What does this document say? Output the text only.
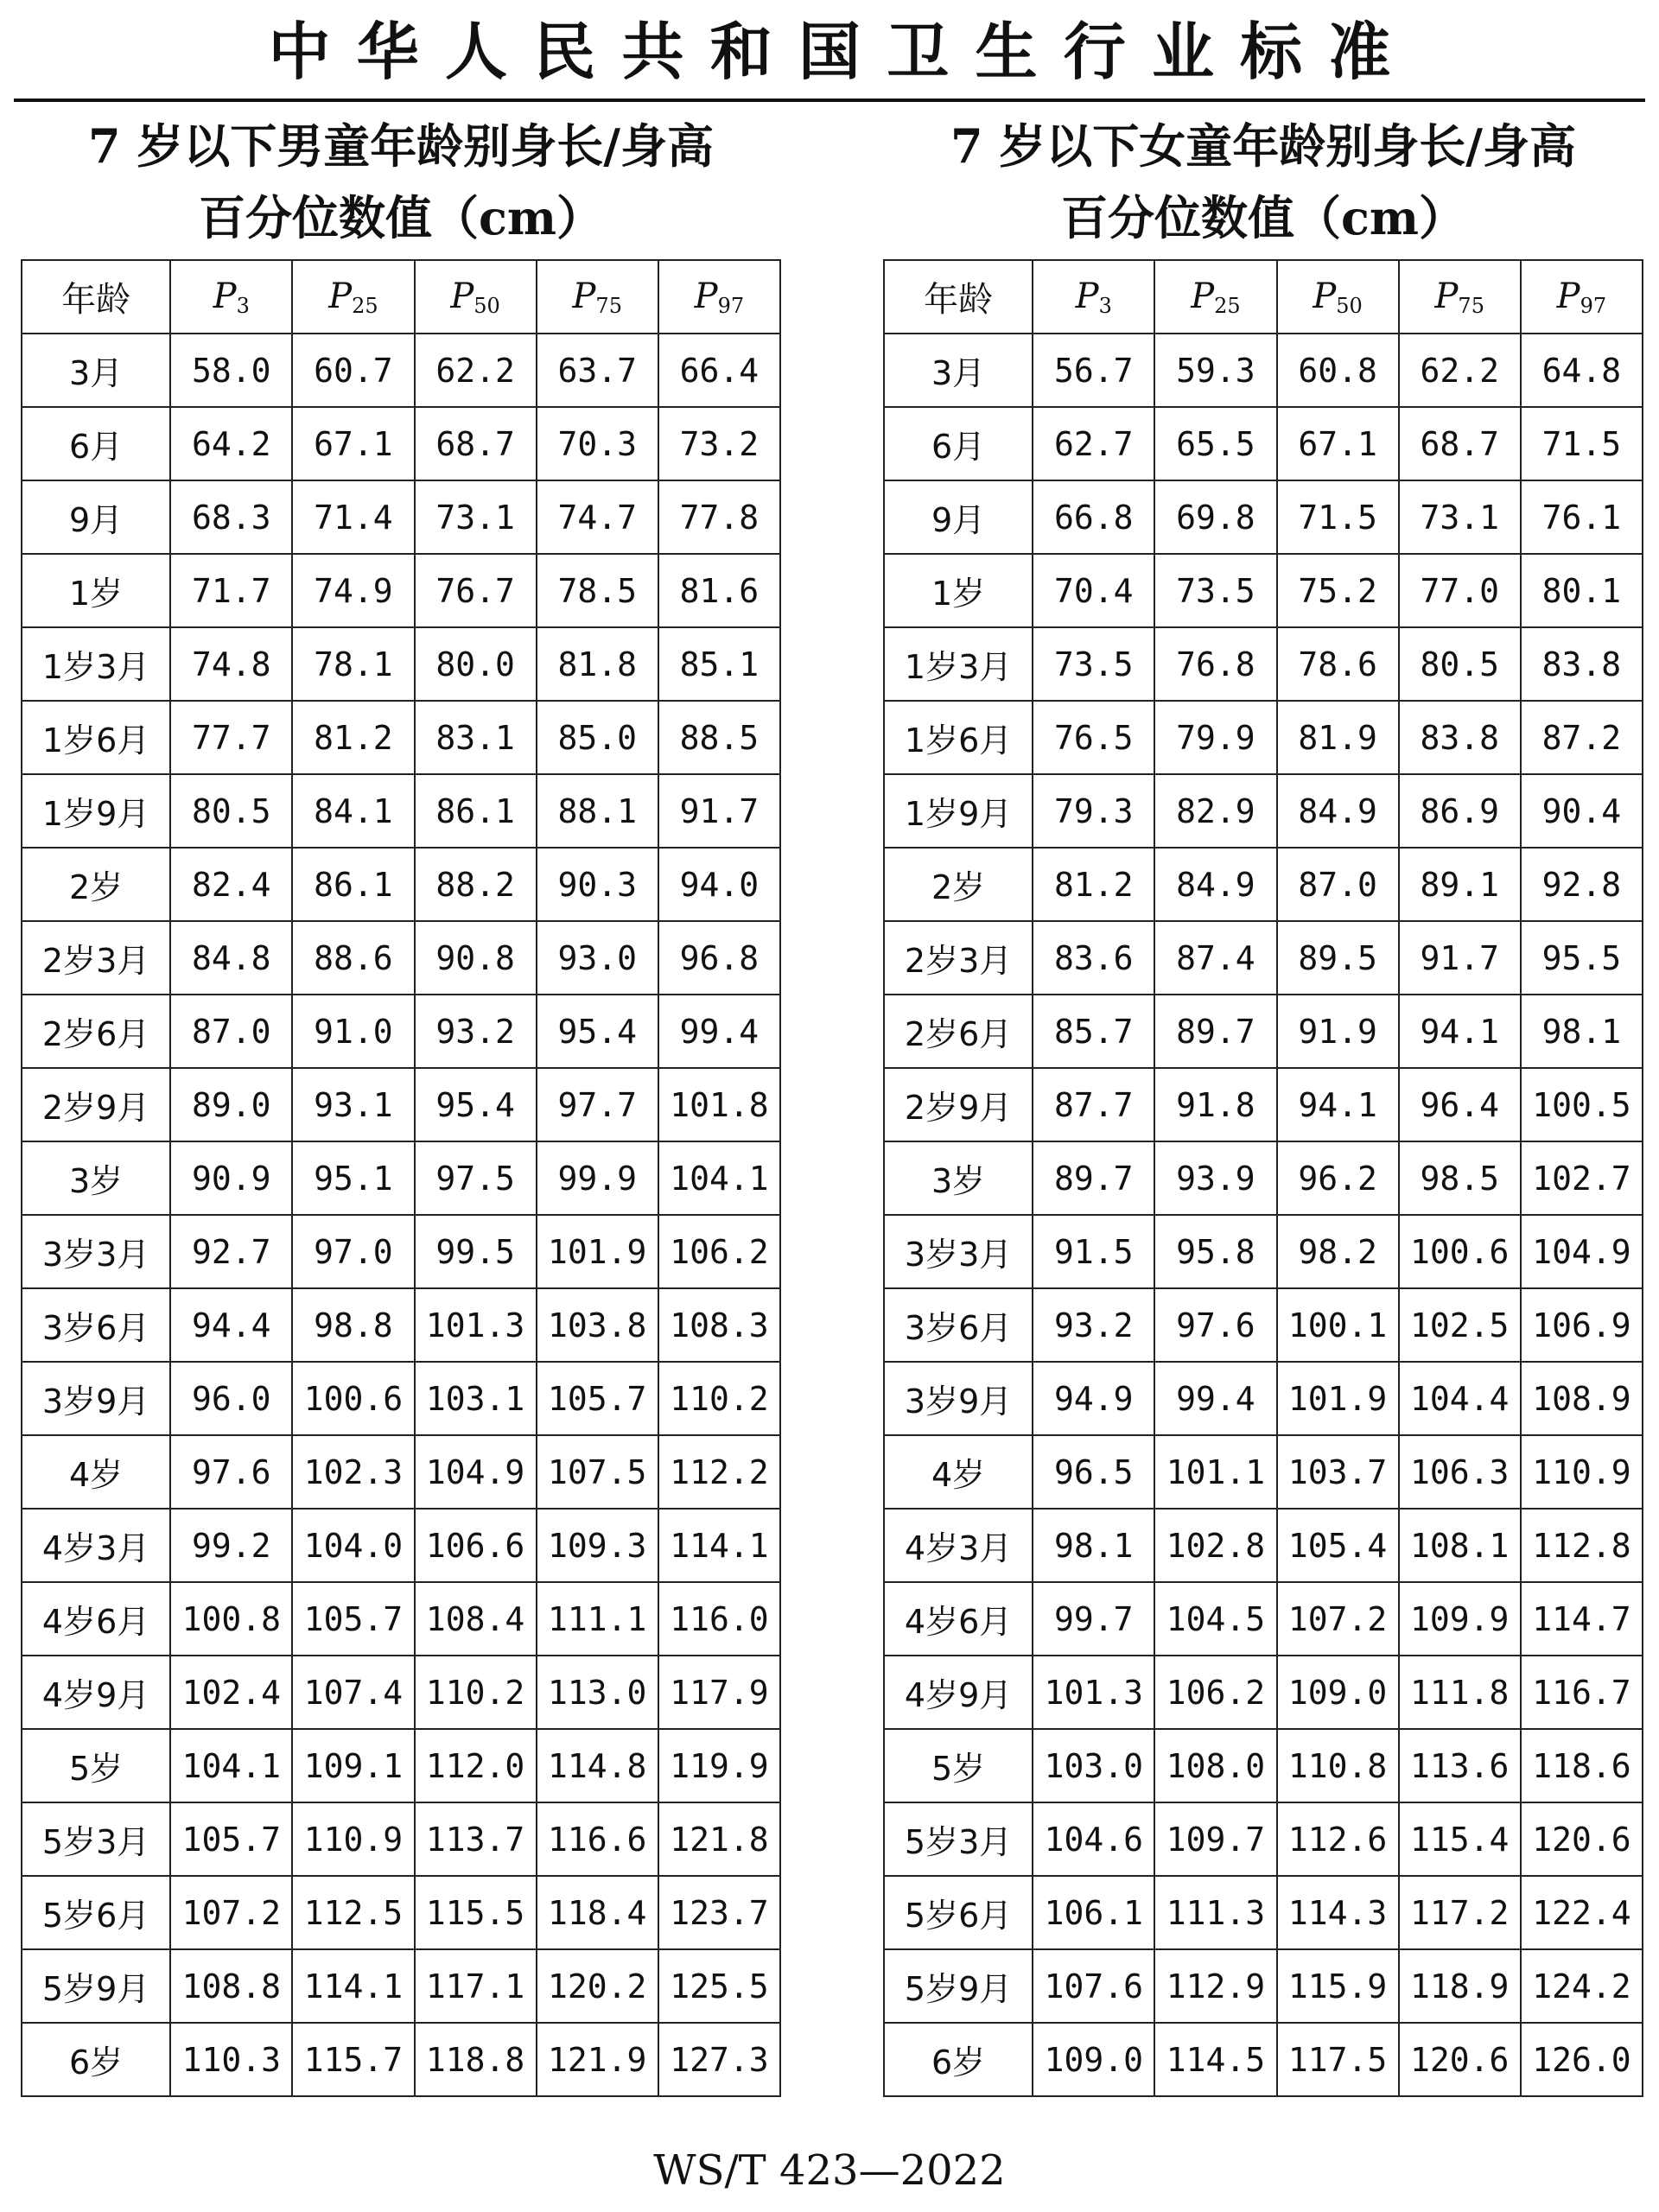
中华人民共和国卫生行业标准
7 岁以下男童年龄别身长/身高
百分位数值（cm）
年龄	$P_3$	$P_{25}$	$P_{50}$	$P_{75}$	$P_{97}$
3月	58.0	60.7	62.2	63.7	66.4
6月	64.2	67.1	68.7	70.3	73.2
9月	68.3	71.4	73.1	74.7	77.8
1岁	71.7	74.9	76.7	78.5	81.6
1岁3月	74.8	78.1	80.0	81.8	85.1
1岁6月	77.7	81.2	83.1	85.0	88.5
1岁9月	80.5	84.1	86.1	88.1	91.7
2岁	82.4	86.1	88.2	90.3	94.0
2岁3月	84.8	88.6	90.8	93.0	96.8
2岁6月	87.0	91.0	93.2	95.4	99.4
2岁9月	89.0	93.1	95.4	97.7	101.8
3岁	90.9	95.1	97.5	99.9	104.1
3岁3月	92.7	97.0	99.5	101.9	106.2
3岁6月	94.4	98.8	101.3	103.8	108.3
3岁9月	96.0	100.6	103.1	105.7	110.2
4岁	97.6	102.3	104.9	107.5	112.2
4岁3月	99.2	104.0	106.6	109.3	114.1
4岁6月	100.8	105.7	108.4	111.1	116.0
4岁9月	102.4	107.4	110.2	113.0	117.9
5岁	104.1	109.1	112.0	114.8	119.9
5岁3月	105.7	110.9	113.7	116.6	121.8
5岁6月	107.2	112.5	115.5	118.4	123.7
5岁9月	108.8	114.1	117.1	120.2	125.5
6岁	110.3	115.7	118.8	121.9	127.3
7 岁以下女童年龄别身长/身高
百分位数值（cm）
年龄	$P_3$	$P_{25}$	$P_{50}$	$P_{75}$	$P_{97}$
3月	56.7	59.3	60.8	62.2	64.8
6月	62.7	65.5	67.1	68.7	71.5
9月	66.8	69.8	71.5	73.1	76.1
1岁	70.4	73.5	75.2	77.0	80.1
1岁3月	73.5	76.8	78.6	80.5	83.8
1岁6月	76.5	79.9	81.9	83.8	87.2
1岁9月	79.3	82.9	84.9	86.9	90.4
2岁	81.2	84.9	87.0	89.1	92.8
2岁3月	83.6	87.4	89.5	91.7	95.5
2岁6月	85.7	89.7	91.9	94.1	98.1
2岁9月	87.7	91.8	94.1	96.4	100.5
3岁	89.7	93.9	96.2	98.5	102.7
3岁3月	91.5	95.8	98.2	100.6	104.9
3岁6月	93.2	97.6	100.1	102.5	106.9
3岁9月	94.9	99.4	101.9	104.4	108.9
4岁	96.5	101.1	103.7	106.3	110.9
4岁3月	98.1	102.8	105.4	108.1	112.8
4岁6月	99.7	104.5	107.2	109.9	114.7
4岁9月	101.3	106.2	109.0	111.8	116.7
5岁	103.0	108.0	110.8	113.6	118.6
5岁3月	104.6	109.7	112.6	115.4	120.6
5岁6月	106.1	111.3	114.3	117.2	122.4
5岁9月	107.6	112.9	115.9	118.9	124.2
6岁	109.0	114.5	117.5	120.6	126.0
WS/T 423—2022
